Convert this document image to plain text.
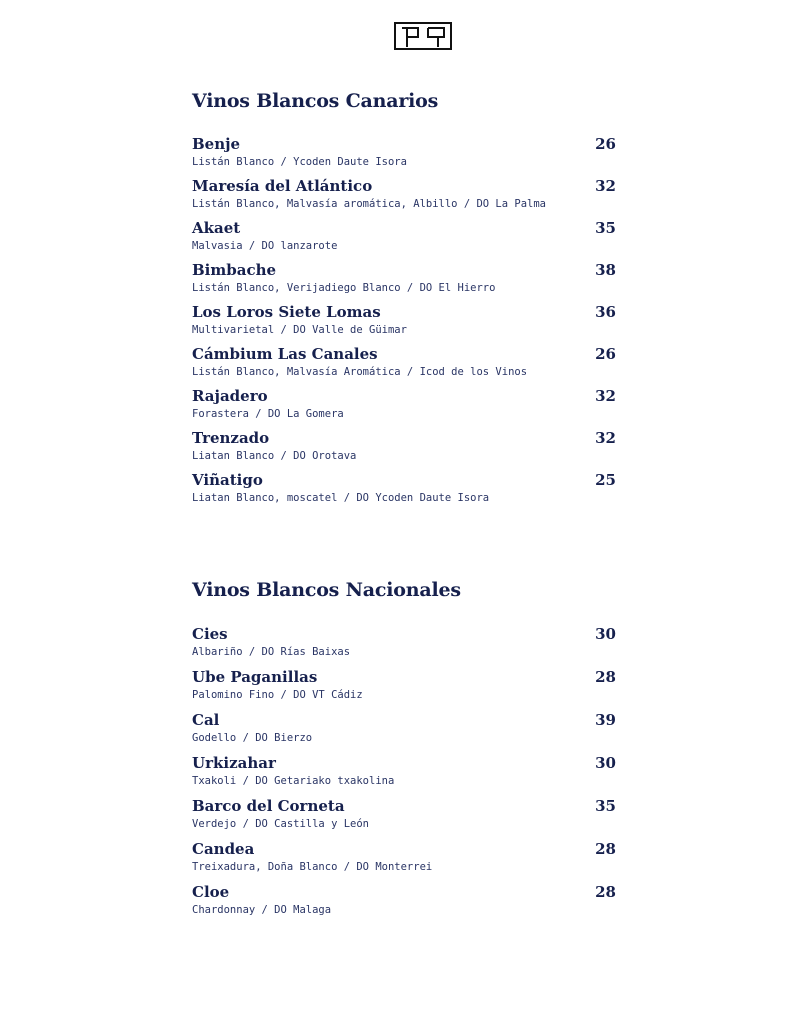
Vinos Blancos Canarios
Benje	26
Listán Blanco / Ycoden Daute Isora
Maresía del Atlántico	32
Listán Blanco, Malvasía aromática, Albillo / DO La Palma
Akaet	35
Malvasia / DO lanzarote
Bimbache	38
Listán Blanco, Verijadiego Blanco / DO El Hierro
Los Loros Siete Lomas	36
Multivarietal / DO Valle de Güimar
Cámbium Las Canales	26
Listán Blanco, Malvasía Aromática / Icod de los Vinos
Rajadero	32
Forastera / DO La Gomera
Trenzado	32
Liatan Blanco / DO Orotava
Viñatigo	25
Liatan Blanco, moscatel / DO Ycoden Daute Isora
Vinos Blancos Nacionales
Cies	30
Albariño / DO Rías Baixas
Ube Paganillas	28
Palomino Fino / DO VT Cádiz
Cal	39
Godello / DO Bierzo
Urkizahar	30
Txakoli / DO Getariako txakolina
Barco del Corneta	35
Verdejo / DO Castilla y León
Candea	28
Treixadura, Doña Blanco / DO Monterrei
Cloe	28
Chardonnay / DO Malaga
